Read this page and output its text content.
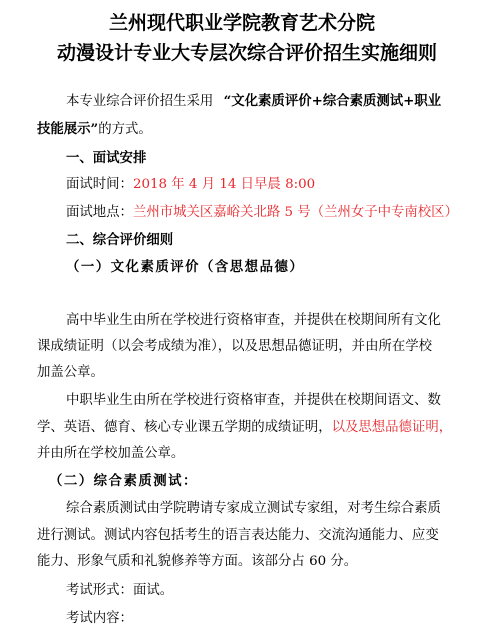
兰州现代职业学院教育艺术分院
动漫设计专业大专层次综合评价招生实施细则
本专业综合评价招生采用 “文化素质评价+综合素质测试+职业
技能展示”的方式。
一、面试安排
面试时间：2018 年 4 月 14 日早晨 8:00
面试地点：兰州市城关区嘉峪关北路 5 号（兰州女子中专南校区）
二、综合评价细则
（一）文化素质评价（含思想品德）
高中毕业生由所在学校进行资格审查，并提供在校期间所有文化
课成绩证明（以会考成绩为准），以及思想品德证明，并由所在学校
加盖公章。
中职毕业生由所在学校进行资格审查，并提供在校期间语文、数
学、英语、德育、核心专业课五学期的成绩证明，以及思想品德证明，
并由所在学校加盖公章。
（二）综合素质测试：
综合素质测试由学院聘请专家成立测试专家组，对考生综合素质
进行测试。测试内容包括考生的语言表达能力、交流沟通能力、应变
能力、形象气质和礼貌修养等方面。该部分占 60 分。
考试形式：面试。
考试内容：
